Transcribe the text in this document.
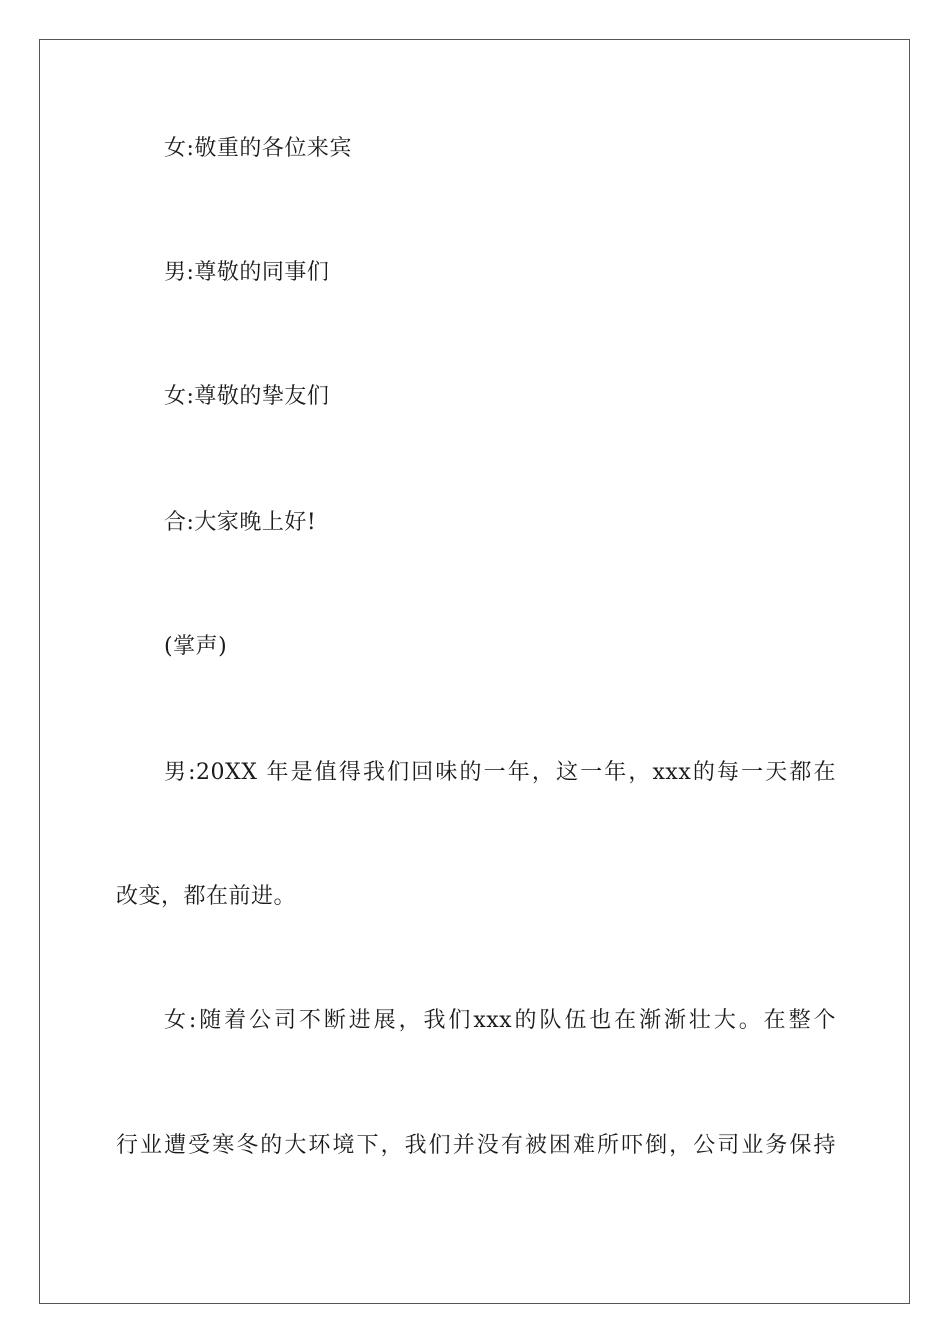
女:敬重的各位来宾
男:尊敬的同事们
女:尊敬的挚友们
合:大家晚上好!
(掌声)
男:20XX 年是值得我们回味的一年，这一年，xxx的每一天都在
改变，都在前进。
女:随着公司不断进展，我们xxx的队伍也在渐渐壮大。在整个
行业遭受寒冬的大环境下，我们并没有被困难所吓倒，公司业务保持
